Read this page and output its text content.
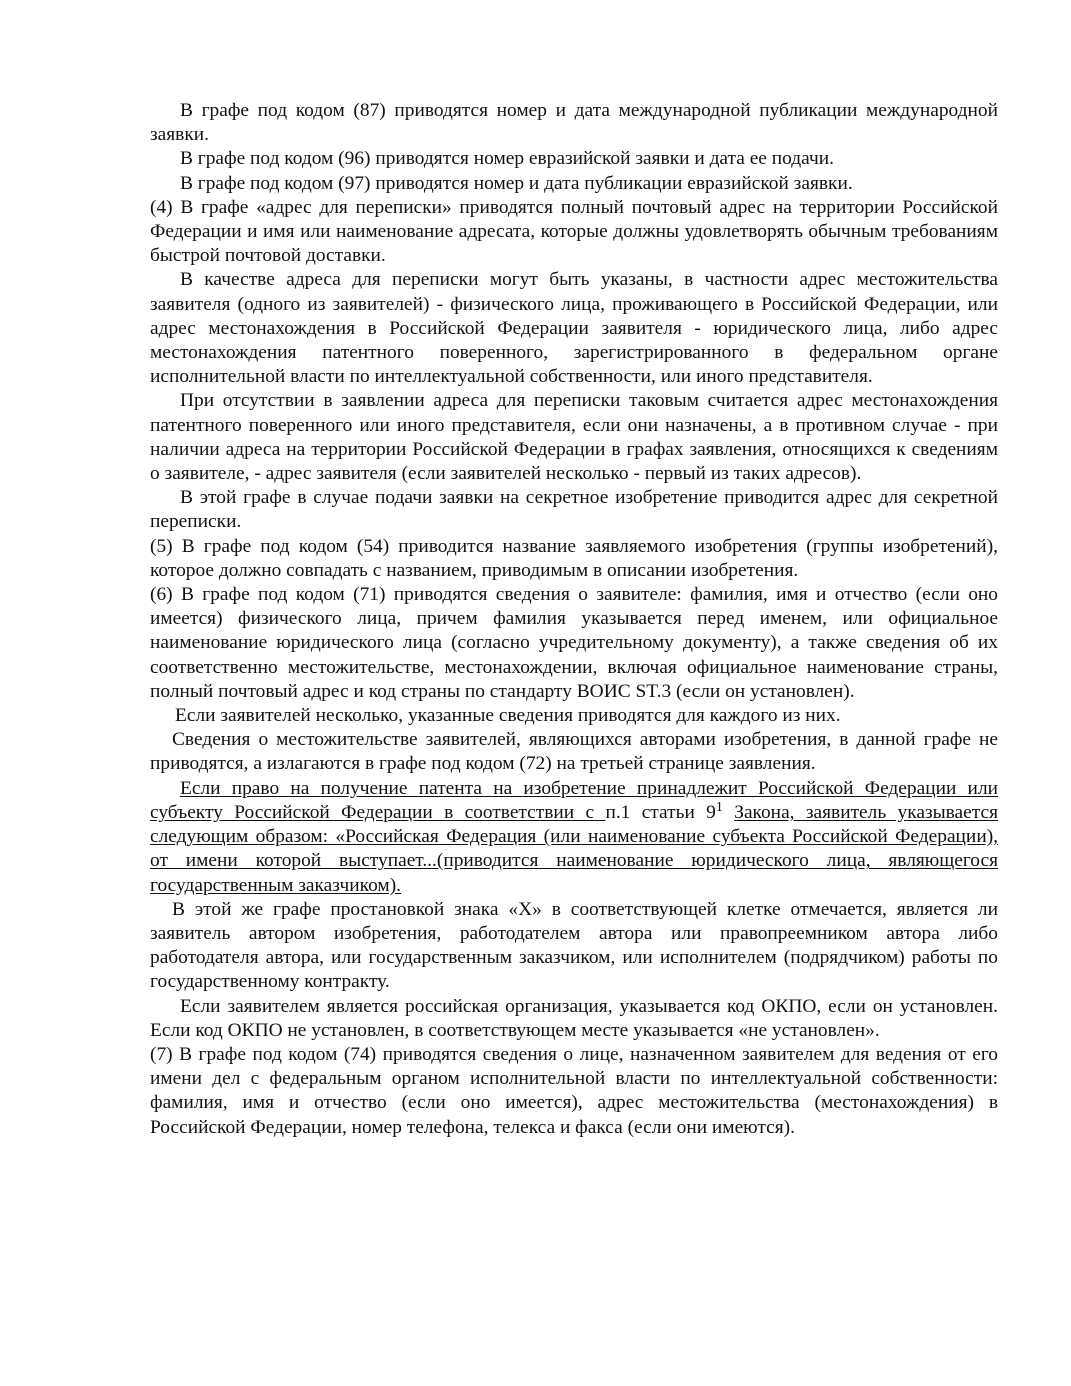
В графе под кодом (87) приводятся номер и дата международной публикации международной заявки.

В графе под кодом (96) приводятся номер евразийской заявки и дата ее подачи.

В графе под кодом (97) приводятся номер и дата публикации евразийской заявки.

(4) В графе «адрес для переписки» приводятся полный почтовый адрес на территории Российской Федерации и имя или наименование адресата, которые должны удовлетворять обычным требованиям быстрой почтовой доставки.

В качестве адреса для переписки могут быть указаны, в частности адрес местожительства заявителя (одного из заявителей) - физического лица, проживающего в Российской Федерации, или адрес местонахождения в Российской Федерации заявителя - юридического лица, либо адрес местонахождения патентного поверенного, зарегистрированного в федеральном органе исполнительной власти по интеллектуальной собственности, или иного представителя.

При отсутствии в заявлении адреса для переписки таковым считается адрес местонахождения патентного поверенного или иного представителя, если они назначены, а в противном случае - при наличии адреса на территории Российской Федерации в графах заявления, относящихся к сведениям о заявителе, - адрес заявителя (если заявителей несколько - первый из таких адресов).

В этой графе в случае подачи заявки на секретное изобретение приводится адрес для секретной переписки.

(5) В графе под кодом (54) приводится название заявляемого изобретения (группы изобретений), которое должно совпадать с названием, приводимым в описании изобретения.

(6) В графе под кодом (71) приводятся сведения о заявителе: фамилия, имя и отчество (если оно имеется) физического лица, причем фамилия указывается перед именем, или официальное наименование юридического лица (согласно учредительному документу), а также сведения об их соответственно местожительстве, местонахождении, включая официальное наименование страны, полный почтовый адрес и код страны по стандарту ВОИС ST.3 (если он установлен).

Если заявителей несколько, указанные сведения приводятся для каждого из них.

Сведения о местожительстве заявителей, являющихся авторами изобретения, в данной графе не приводятся, а излагаются в графе под кодом (72) на третьей странице заявления.

Если право на получение патента на изобретение принадлежит Российской Федерации или субъекту Российской Федерации в соответствии с п.1 статьи $9^1$ Закона, заявитель указывается следующим образом: «Российская Федерация (или наименование субъекта Российской Федерации), от имени которой выступает...(приводится наименование юридического лица, являющегося государственным заказчиком).

В этой же графе простановкой знака «Х» в соответствующей клетке отмечается, является ли заявитель автором изобретения, работодателем автора или правопреемником автора либо работодателя автора, или государственным заказчиком, или исполнителем (подрядчиком) работы по государственному контракту.

Если заявителем является российская организация, указывается код ОКПО, если он установлен. Если код ОКПО не установлен, в соответствующем месте указывается «не установлен».

(7) В графе под кодом (74) приводятся сведения о лице, назначенном заявителем для ведения от его имени дел с федеральным органом исполнительной власти по интеллектуальной собственности: фамилия, имя и отчество (если оно имеется), адрес местожительства (местонахождения) в Российской Федерации, номер телефона, телекса и факса (если они имеются).
